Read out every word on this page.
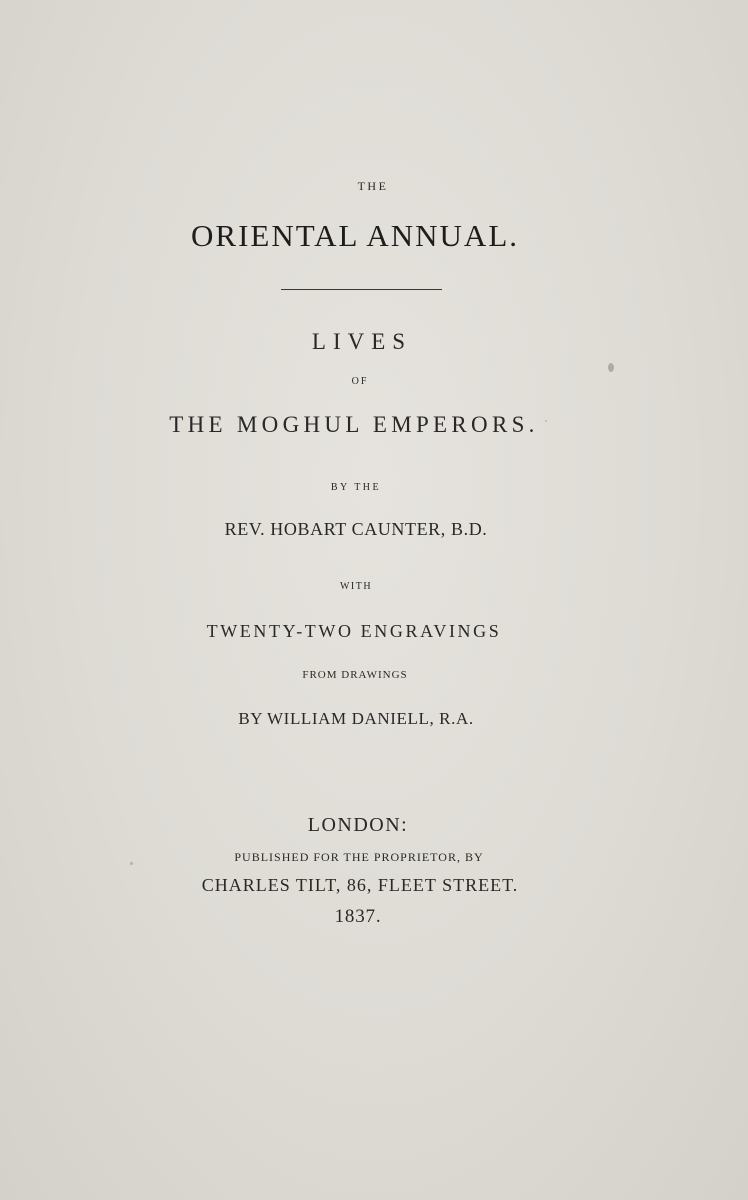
THE
ORIENTAL ANNUAL.
LIVES
OF
THE MOGHUL EMPERORS.
BY THE
REV. HOBART CAUNTER, B.D.
WITH
TWENTY-TWO ENGRAVINGS
FROM DRAWINGS
BY WILLIAM DANIELL, R.A.
LONDON:
PUBLISHED FOR THE PROPRIETOR, BY
CHARLES TILT, 86, FLEET STREET.
1837.
